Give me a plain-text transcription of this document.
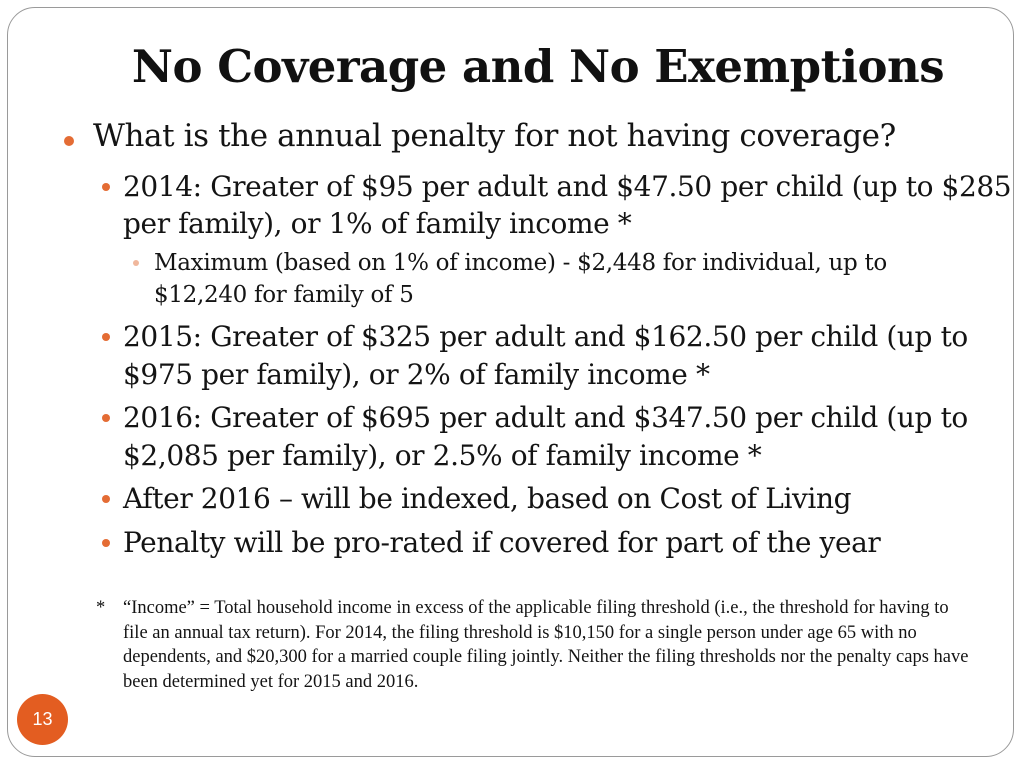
No Coverage and No Exemptions
What is the annual penalty for not having coverage?
2014: Greater of $95 per adult and $47.50 per child (up to $285
per family), or 1% of family income *
Maximum (based on 1% of income) - $2,448 for individual, up to
$12,240 for family of 5
2015: Greater of $325 per adult and $162.50 per child (up to
$975 per family), or 2% of family income *
2016: Greater of $695 per adult and $347.50 per child (up to
$2,085 per family), or 2.5% of family income *
After 2016 – will be indexed, based on Cost of Living
Penalty will be pro-rated if covered for part of the year
* “Income” = Total household income in excess of the applicable filing threshold (i.e., the threshold for having to file an annual tax return). For 2014, the filing threshold is $10,150 for a single person under age 65 with no dependents, and $20,300 for a married couple filing jointly. Neither the filing thresholds nor the penalty caps have been determined yet for 2015 and 2016.
13
